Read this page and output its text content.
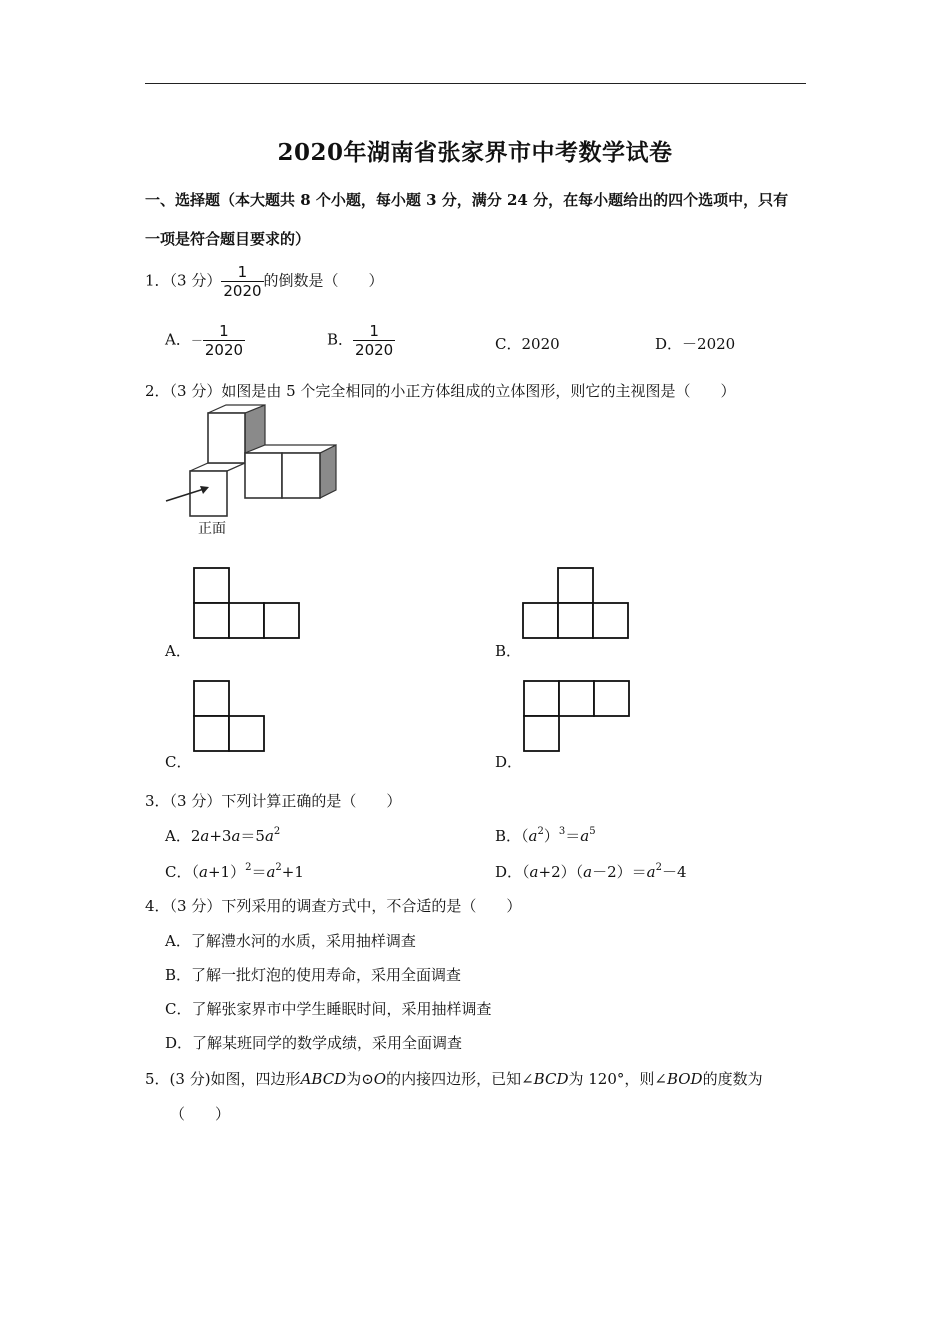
2020年湖南省张家界市中考数学试卷
一、选择题（本大题共 8 个小题，每小题 3 分，满分 24 分，在每小题给出的四个选项中，只有
一项是符合题目要求的）
1．（3 分） $\frac{1}{2020}$ 的倒数是（　　）
A．－ $\frac{1}{2020}$	B． $\frac{1}{2020}$	C．2020	D．－2020
2．（3 分）如图是由 5 个完全相同的小正方体组成的立体图形，则它的主视图是（　　）
正面
A．	B．
C．	D．
3．（3 分）下列计算正确的是（　　）
A．$2a+3a=5a^2$	B．$(a^2)^3=a^5$
C．$(a+1)^2=a^2+1$	D．$(a+2)(a-2)=a^2-4$
4．（3 分）下列采用的调查方式中，不合适的是（　　）
A．了解澧水河的水质，采用抽样调查
B．了解一批灯泡的使用寿命，采用全面调查
C．了解张家界市中学生睡眠时间，采用抽样调查
D．了解某班同学的数学成绩，采用全面调查
5．(3 分)如图，四边形ABCD为⊙O的内接四边形，已知∠BCD为 120°，则∠BOD的度数为
（　　）
